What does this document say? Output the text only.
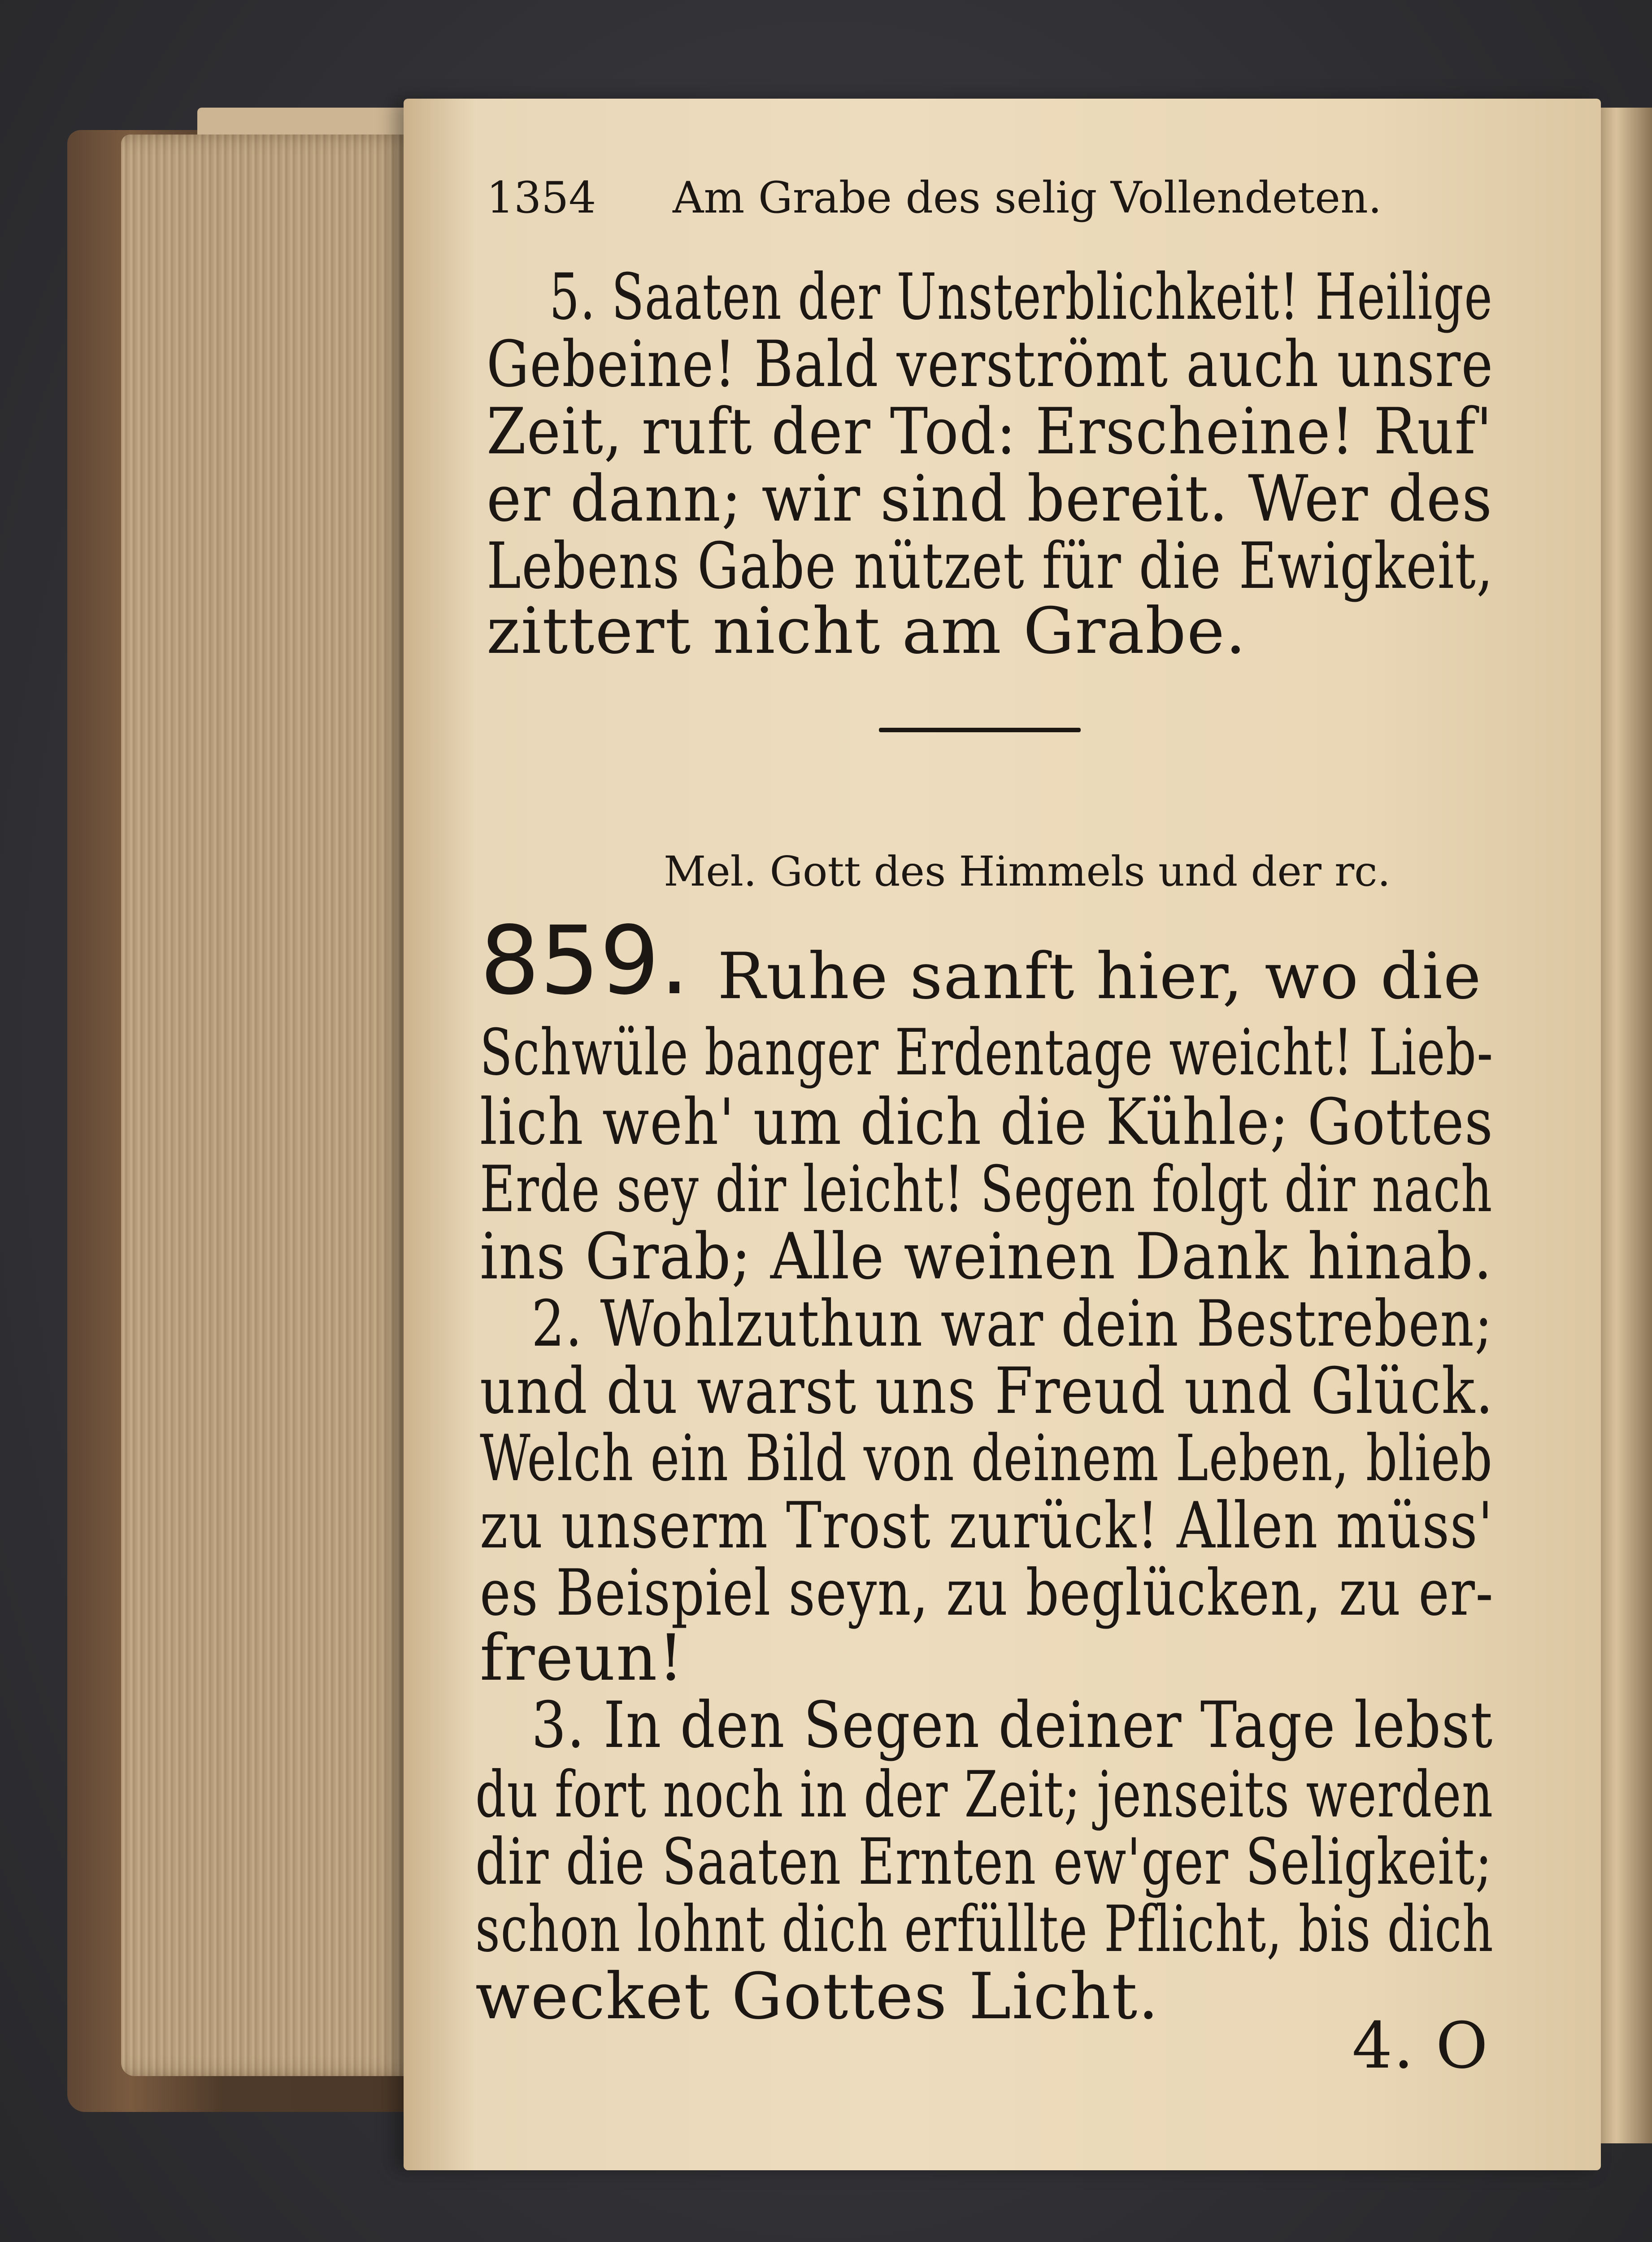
1354 Am Grabe des selig Vollendeten.

5. Saaten der Unsterblichkeit! Heilige

Gebeine! Bald verströmt auch unsre

Zeit, ruft der Tod: Erscheine! Ruf'

er dann; wir sind bereit. Wer des

Lebens Gabe nützet für die Ewigkeit,

zittert nicht am Grabe.

Mel. Gott des Himmels und der rc.

859. Ruhe sanft hier, wo die

Schwüle banger Erdentage weicht! Lieb-

lich weh' um dich die Kühle; Gottes

Erde sey dir leicht! Segen folgt dir nach

ins Grab; Alle weinen Dank hinab.

2. Wohlzuthun war dein Bestreben;

und du warst uns Freud und Glück.

Welch ein Bild von deinem Leben, blieb

zu unserm Trost zurück! Allen müss'

es Beispiel seyn, zu beglücken, zu er-

freun!

3. In den Segen deiner Tage lebst

du fort noch in der Zeit; jenseits werden

dir die Saaten Ernten ew'ger Seligkeit;

schon lohnt dich erfüllte Pflicht, bis dich

wecket Gottes Licht.

4. O
